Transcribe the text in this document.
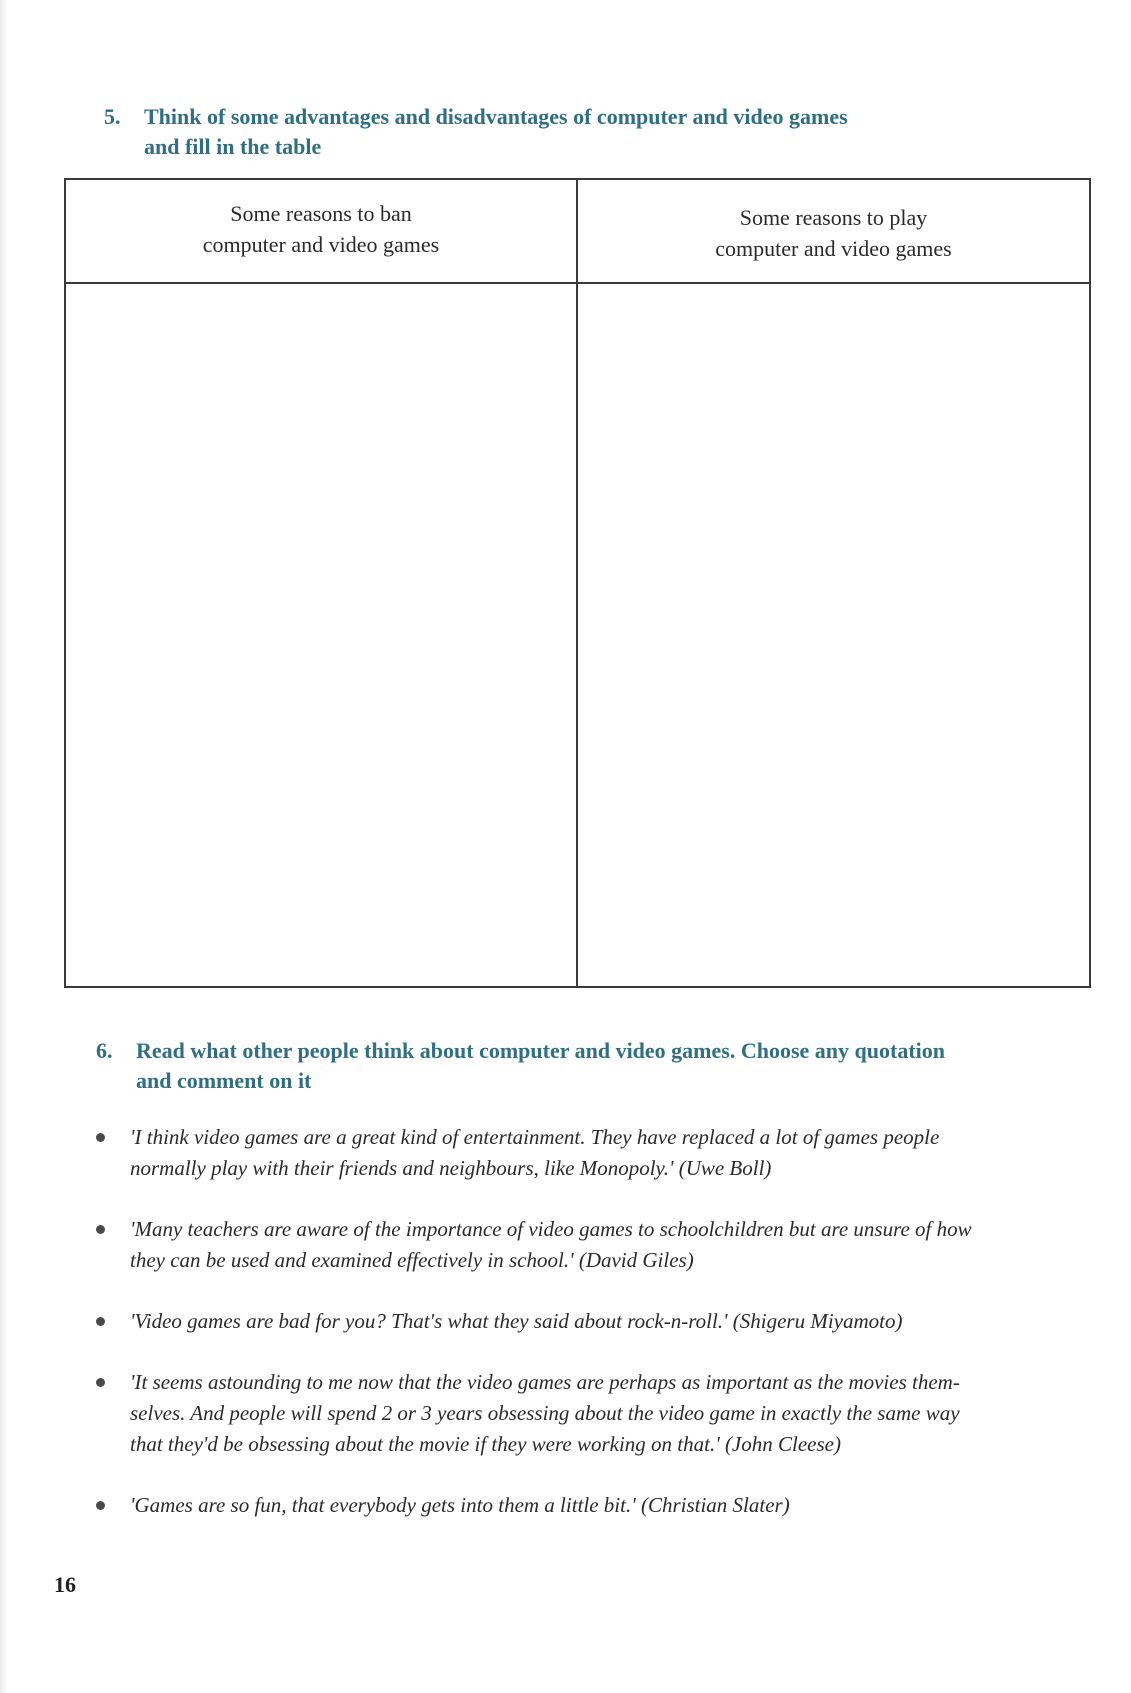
5. Think of some advantages and disadvantages of computer and video games
and fill in the table
Some reasons to ban
computer and video games
Some reasons to play
computer and video games
6. Read what other people think about computer and video games. Choose any quotation
and comment on it
'I think video games are a great kind of entertainment. They have replaced a lot of games people
normally play with their friends and neighbours, like Monopoly.' (Uwe Boll)
'Many teachers are aware of the importance of video games to schoolchildren but are unsure of how
they can be used and examined effectively in school.' (David Giles)
'Video games are bad for you? That's what they said about rock-n-roll.' (Shigeru Miyamoto)
'It seems astounding to me now that the video games are perhaps as important as the movies them-
selves. And people will spend 2 or 3 years obsessing about the video game in exactly the same way
that they'd be obsessing about the movie if they were working on that.' (John Cleese)
'Games are so fun, that everybody gets into them a little bit.' (Christian Slater)
16
